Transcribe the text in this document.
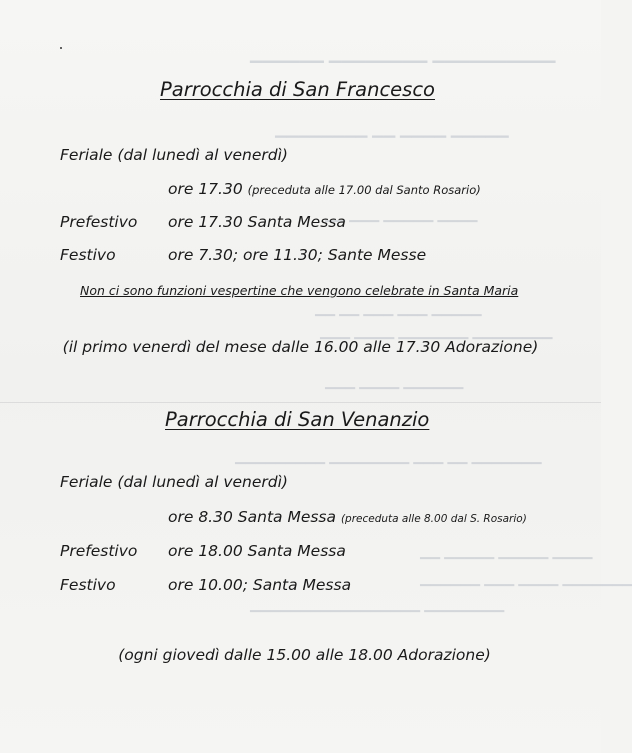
▁▁▁▁▁▁ ▁▁▁▁▁▁▁▁ ▁▁▁▁▁▁▁▁▁▁
▁▁▁▁▁▁▁▁ ▁▁ ▁▁▁▁ ▁▁▁▁▁
▁▁ ▁▁▁ ▁▁▁▁▁ ▁▁▁▁
▁▁ ▁▁ ▁▁▁ ▁▁▁ ▁▁▁▁▁
▁▁▁ ▁▁▁▁ ▁▁▁▁▁▁▁ ▁▁▁▁▁▁▁▁
▁▁▁ ▁▁▁▁ ▁▁▁▁▁▁
▁▁▁▁▁▁▁▁▁ ▁▁▁▁▁▁▁▁ ▁▁▁ ▁▁ ▁▁▁▁▁▁▁
▁▁ ▁▁▁▁▁ ▁▁▁▁▁ ▁▁▁▁
▁▁▁▁▁▁ ▁▁▁ ▁▁▁▁ ▁▁▁▁▁▁▁
▁▁▁▁▁▁▁▁▁▁▁▁▁▁▁▁▁ ▁▁▁▁▁▁▁▁
Parrocchia di San Francesco
Feriale (dal lunedì al venerdì)
ore 17.30 (preceduta alle 17.00 dal Santo Rosario)
Prefestivo ore 17.30 Santa Messa
Festivo	ore 7.30; ore 11.30; Sante Messe
Non ci sono funzioni vespertine che vengono celebrate in Santa Maria
(il primo venerdì del mese dalle 16.00 alle 17.30 Adorazione)
Parrocchia di San Venanzio
Feriale (dal lunedì al venerdì)
ore 8.30 Santa Messa (preceduta alle 8.00 dal S. Rosario)
Prefestivo ore 18.00 Santa Messa
Festivo	ore 10.00; Santa Messa
(ogni giovedì dalle 15.00 alle 18.00 Adorazione)
